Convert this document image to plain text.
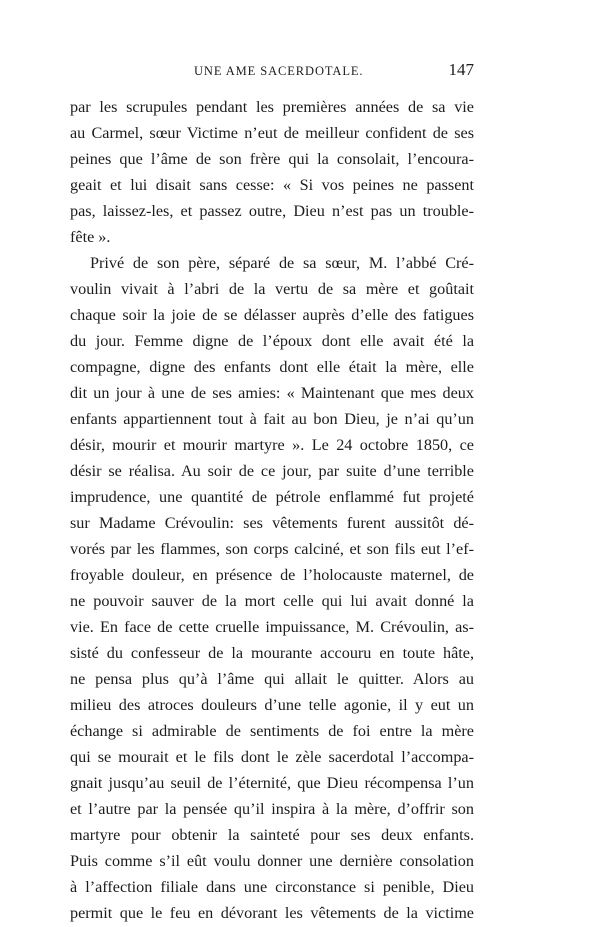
UNE AME SACERDOTALE.	147
par les scrupules pendant les premières années de sa vie
au Carmel, sœur Victime n’eut de meilleur confident de ses
peines que l’âme de son frère qui la consolait, l’encoura-
geait et lui disait sans cesse: « Si vos peines ne passent
pas, laissez-les, et passez outre, Dieu n’est pas un trouble-
fête ».
Privé de son père, séparé de sa sœur, M. l’abbé Cré-
voulin vivait à l’abri de la vertu de sa mère et goûtait
chaque soir la joie de se délasser auprès d’elle des fatigues
du jour. Femme digne de l’époux dont elle avait été la
compagne, digne des enfants dont elle était la mère, elle
dit un jour à une de ses amies: « Maintenant que mes deux
enfants appartiennent tout à fait au bon Dieu, je n’ai qu’un
désir, mourir et mourir martyre ». Le 24 octobre 1850, ce
désir se réalisa. Au soir de ce jour, par suite d’une terrible
imprudence, une quantité de pétrole enflammé fut projeté
sur Madame Crévoulin: ses vêtements furent aussitôt dé-
vorés par les flammes, son corps calciné, et son fils eut l’ef-
froyable douleur, en présence de l’holocauste maternel, de
ne pouvoir sauver de la mort celle qui lui avait donné la
vie. En face de cette cruelle impuissance, M. Crévoulin, as-
sisté du confesseur de la mourante accouru en toute hâte,
ne pensa plus qu’à l’âme qui allait le quitter. Alors au
milieu des atroces douleurs d’une telle agonie, il y eut un
échange si admirable de sentiments de foi entre la mère
qui se mourait et le fils dont le zèle sacerdotal l’accompa-
gnait jusqu’au seuil de l’éternité, que Dieu récompensa l’un
et l’autre par la pensée qu’il inspira à la mère, d’offrir son
martyre pour obtenir la sainteté pour ses deux enfants.
Puis comme s’il eût voulu donner une dernière consolation
à l’affection filiale dans une circonstance si penible, Dieu
permit que le feu en dévorant les vêtements de la victime
